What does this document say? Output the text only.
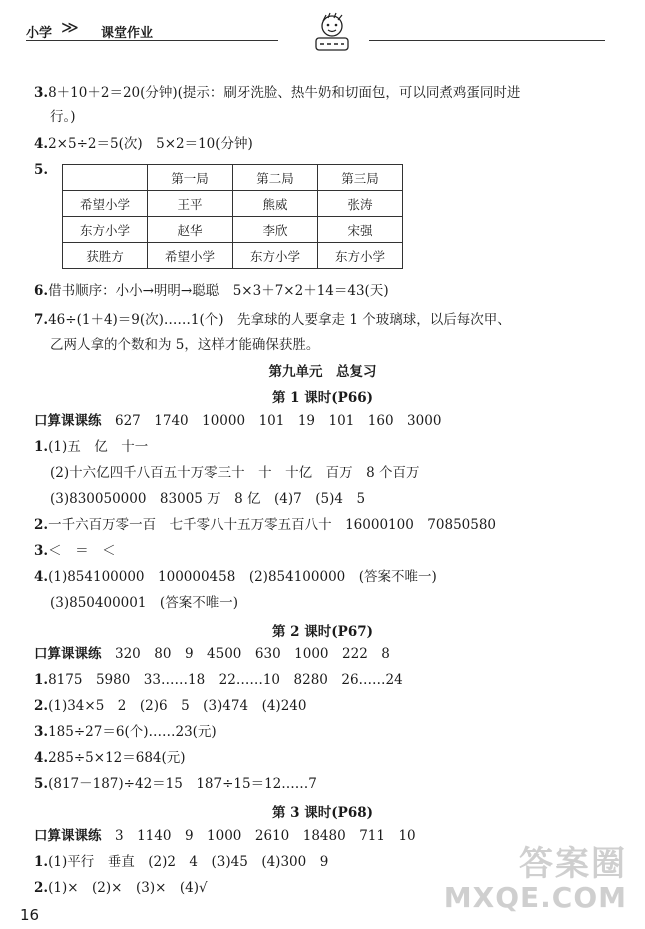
小学 ≫ 课堂作业
3.8＋10＋2＝20(分钟)(提示：刷牙洗脸、热牛奶和切面包，可以同煮鸡蛋同时进
行。)
4.2×5÷2＝5(次)　5×2＝10(分钟)
5.
		第一局	第二局	第三局
希望小学	王平	熊威	张涛
东方小学	赵华	李欣	宋强
获胜方	希望小学	东方小学	东方小学
6.借书顺序：小小→明明→聪聪　5×3＋7×2＋14＝43(天)
7.46÷(1＋4)＝9(次)……1(个)　先拿球的人要拿走 1 个玻璃球，以后每次甲、
乙两人拿的个数和为 5，这样才能确保获胜。
第九单元　总复习
第 1 课时(P66)
口算课课练　 627　1740　10000　101　19　101　160　3000
1.(1)五　亿　十一
(2)十六亿四千八百五十万零三十　十　十亿　百万　8 个百万
(3)830050000　83005 万　8 亿　(4)7　(5)4　5
2.一千六百万零一百　七千零八十五万零五百八十　16000100　70850580
3.＜　＝　＜
4.(1)854100000　100000458　(2)854100000　(答案不唯一)
(3)850400001　(答案不唯一)
第 2 课时(P67)
口算课课练　 320　80　9　4500　630　1000　222　8
1.8175　5980　33……18　22……10　8280　26……24
2.(1)34×5　2　(2)6　5　(3)474　(4)240
3.185÷27＝6(个)……23(元)
4.285÷5×12＝684(元)
5.(817－187)÷42＝15　187÷15＝12……7
第 3 课时(P68)
口算课课练　 3　1140　9　1000　2610　18480　711　10
1.(1)平行　垂直　(2)2　4　(3)45　(4)300　9
2.(1)×　(2)×　(3)×　(4)√
答案圈
MXQE.COM
16
